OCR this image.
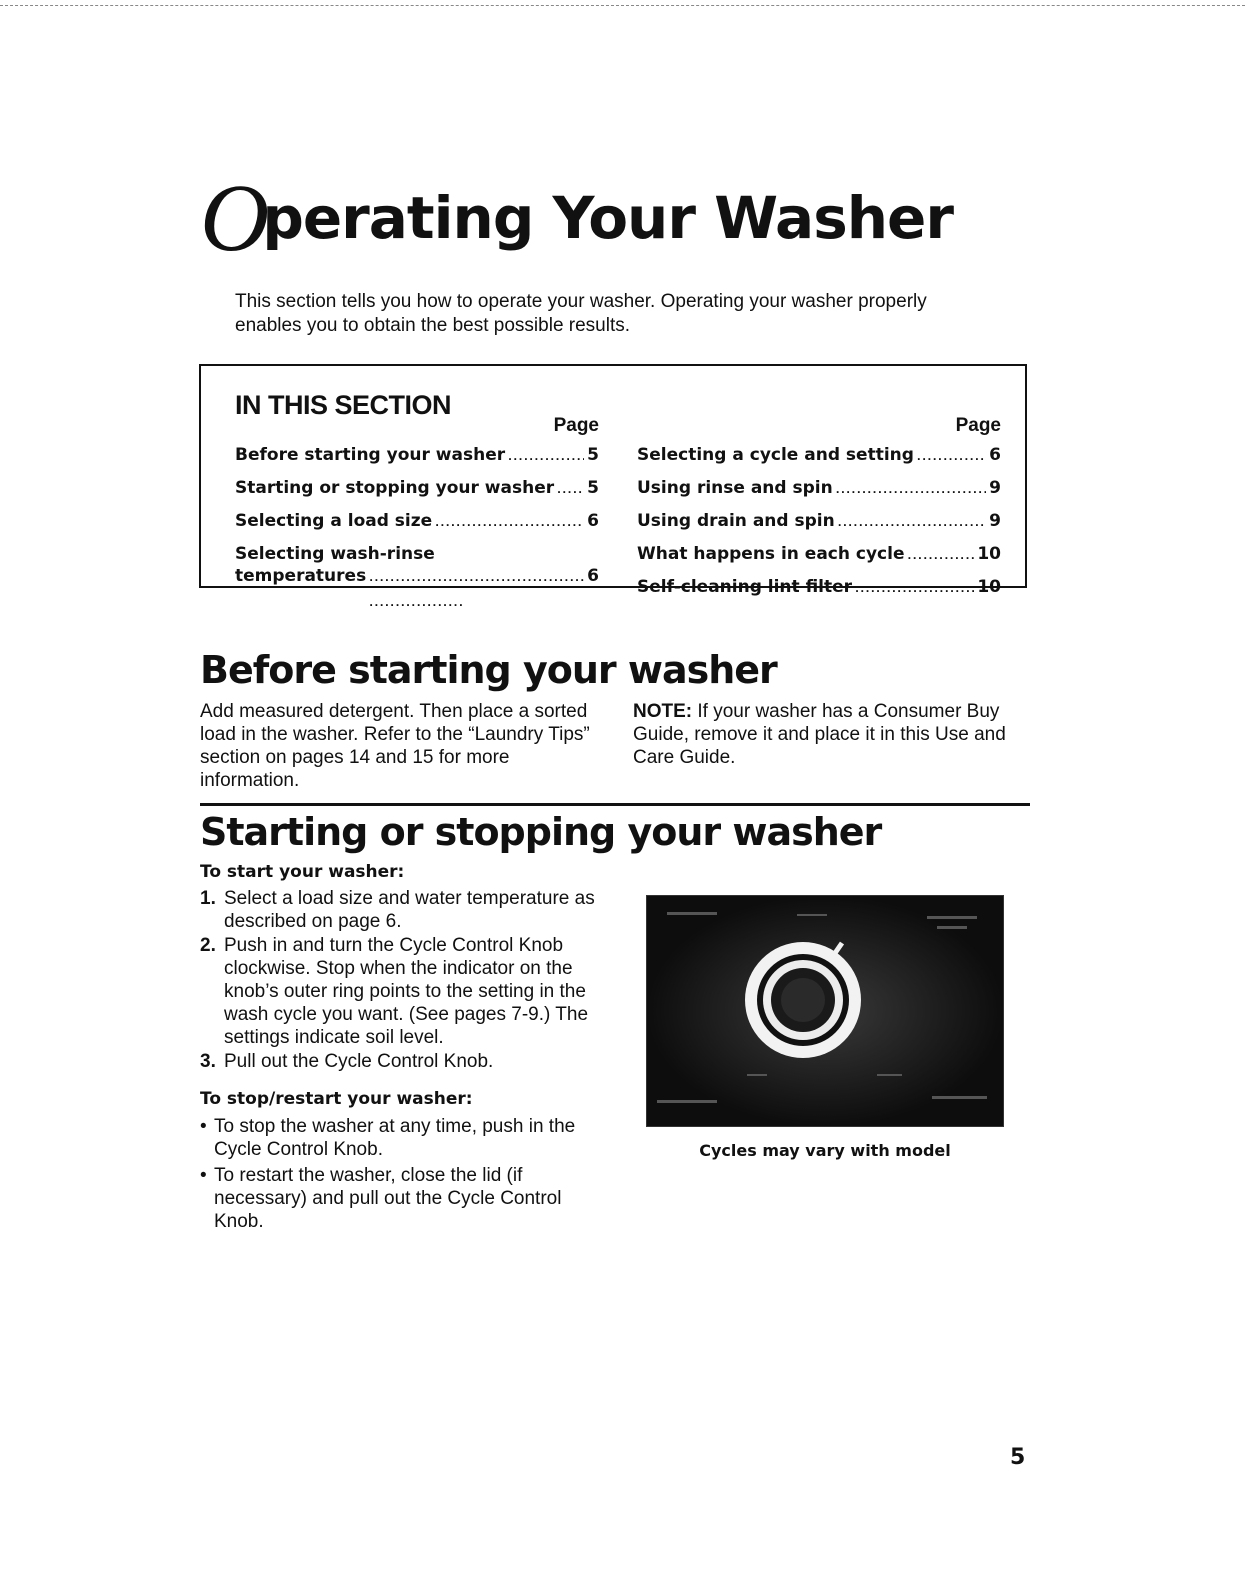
Operating Your Washer

This section tells you how to operate your washer. Operating your washer properly enables you to obtain the best possible results.

IN THIS SECTION
Page
Before starting your washer . . .	5
Starting or stopping your washer . . . 5
Selecting a load size . . .	6
Selecting wash-rinse
temperatures . . .	6
Page
Selecting a cycle and setting . . .	6
Using rinse and spin . . .	9
Using drain and spin . . .	9
What happens in each cycle . . .	10
Self-cleaning lint filter . . .	10
Before starting your washer

Add measured detergent. Then place a sorted load in the washer. Refer to the “Laundry Tips” section on pages 14 and 15 for more information.

NOTE: If your washer has a Consumer Buy Guide, remove it and place it in this Use and Care Guide.

Starting or stopping your washer

To start your washer:

1. Select a load size and water temperature as described on page 6.
2. Push in and turn the Cycle Control Knob clockwise. Stop when the indicator on the knob’s outer ring points to the setting in the wash cycle you want. (See pages 7-9.) The settings indicate soil level.
3. Pull out the Cycle Control Knob.

To stop/restart your washer:

• To stop the washer at any time, push in the Cycle Control Knob.
• To restart the washer, close the lid (if necessary) and pull out the Cycle Control Knob.

Cycles may vary with model

5
